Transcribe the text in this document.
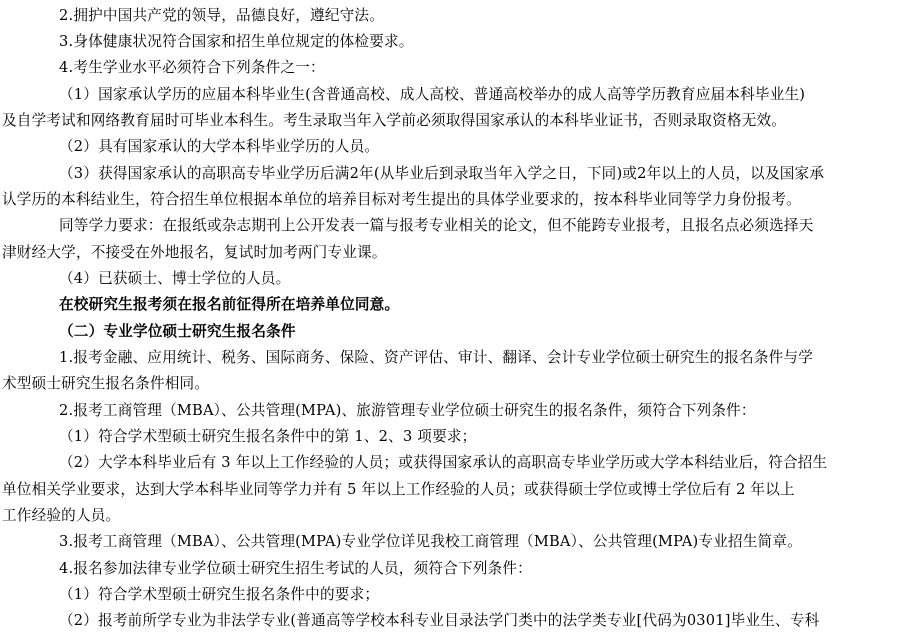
2.拥护中国共产党的领导，品德良好，遵纪守法。
3.身体健康状况符合国家和招生单位规定的体检要求。
4.考生学业水平必须符合下列条件之一：
（1）国家承认学历的应届本科毕业生(含普通高校、成人高校、普通高校举办的成人高等学历教育应届本科毕业生)
及自学考试和网络教育届时可毕业本科生。考生录取当年入学前必须取得国家承认的本科毕业证书，否则录取资格无效。
（2）具有国家承认的大学本科毕业学历的人员。
（3）获得国家承认的高职高专毕业学历后满2年(从毕业后到录取当年入学之日，下同)或2年以上的人员，以及国家承
认学历的本科结业生，符合招生单位根据本单位的培养目标对考生提出的具体学业要求的，按本科毕业同等学力身份报考。
同等学力要求：在报纸或杂志期刊上公开发表一篇与报考专业相关的论文，但不能跨专业报考，且报名点必须选择天
津财经大学，不接受在外地报名，复试时加考两门专业课。
（4）已获硕士、博士学位的人员。
在校研究生报考须在报名前征得所在培养单位同意。
（二）专业学位硕士研究生报名条件
1.报考金融、应用统计、税务、国际商务、保险、资产评估、审计、翻译、会计专业学位硕士研究生的报名条件与学
术型硕士研究生报名条件相同。
2.报考工商管理（MBA）、公共管理(MPA)、旅游管理专业学位硕士研究生的报名条件，须符合下列条件：
（1）符合学术型硕士研究生报名条件中的第 1、2、3 项要求；
（2）大学本科毕业后有 3 年以上工作经验的人员；或获得国家承认的高职高专毕业学历或大学本科结业后，符合招生
单位相关学业要求，达到大学本科毕业同等学力并有 5 年以上工作经验的人员；或获得硕士学位或博士学位后有 2 年以上
工作经验的人员。
3.报考工商管理（MBA）、公共管理(MPA)专业学位详见我校工商管理（MBA）、公共管理(MPA)专业招生简章。
4.报名参加法律专业学位硕士研究生招生考试的人员，须符合下列条件：
（1）符合学术型硕士研究生报名条件中的要求；
（2）报考前所学专业为非法学专业(普通高等学校本科专业目录法学门类中的法学类专业[代码为0301]毕业生、专科
